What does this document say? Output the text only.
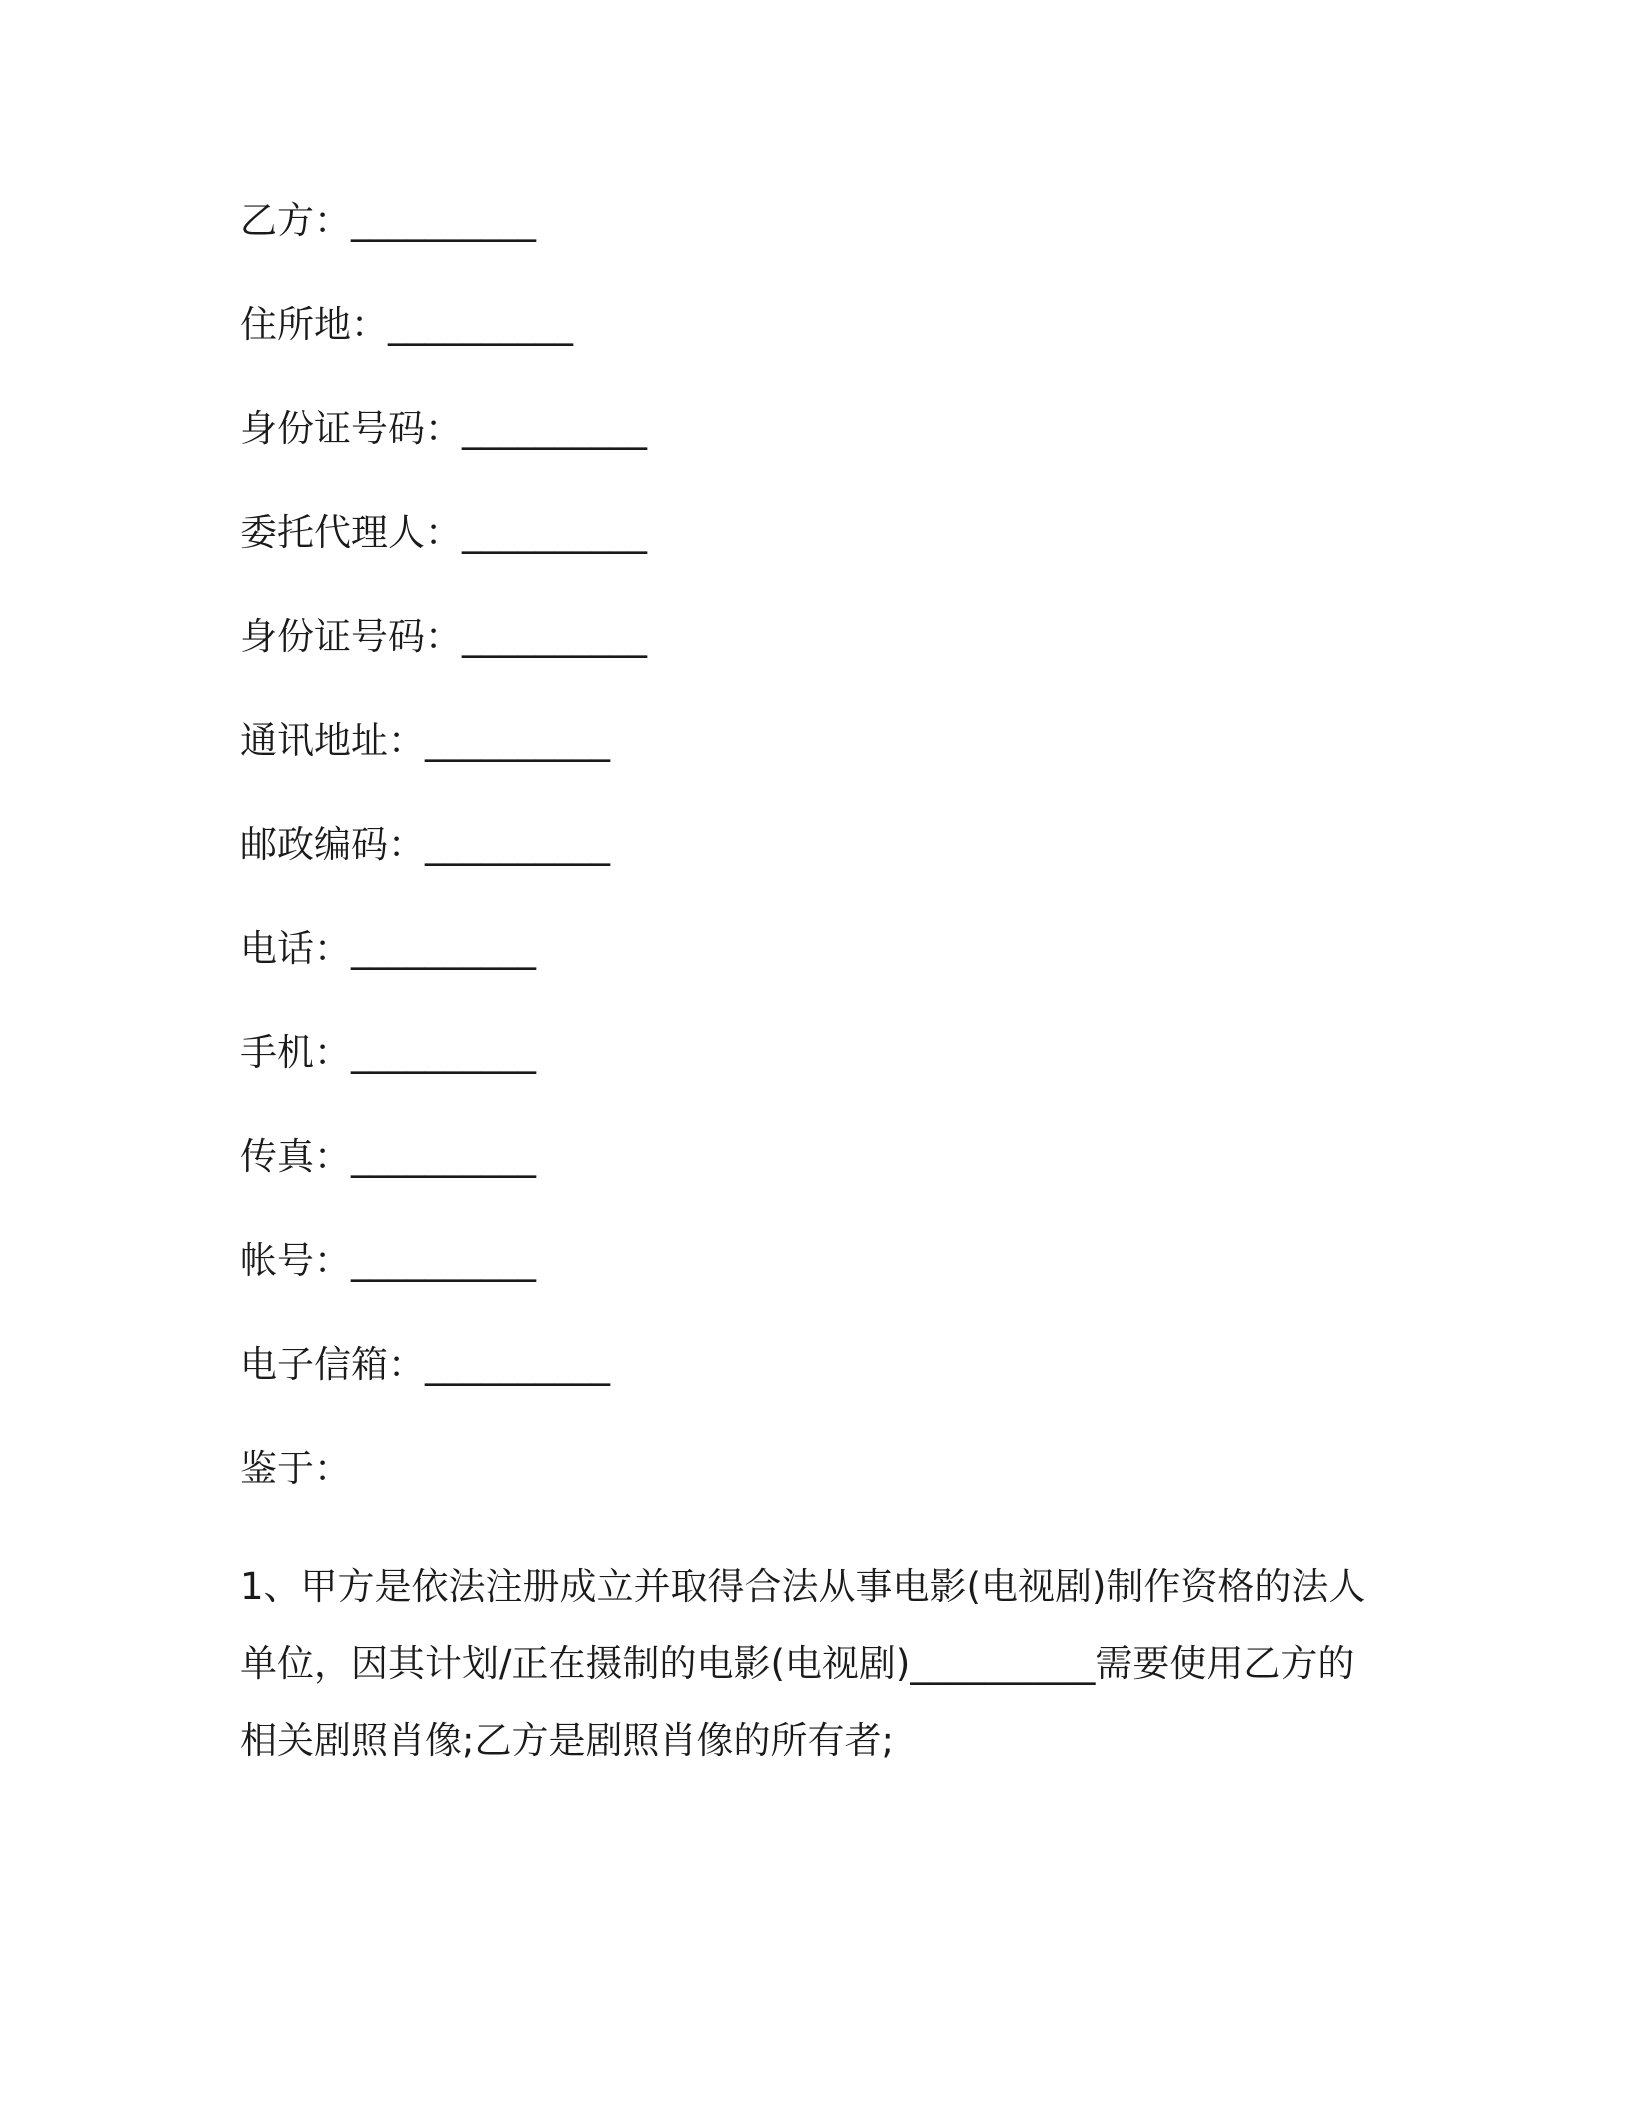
乙方：__________
住所地：__________
身份证号码：__________
委托代理人：__________
身份证号码：__________
通讯地址：__________
邮政编码：__________
电话：__________
手机：__________
传真：__________
帐号：__________
电子信箱：__________
鉴于：
1、甲方是依法注册成立并取得合法从事电影(电视剧)制作资格的法人
单位，因其计划/正在摄制的电影(电视剧)__________需要使用乙方的
相关剧照肖像;乙方是剧照肖像的所有者;
